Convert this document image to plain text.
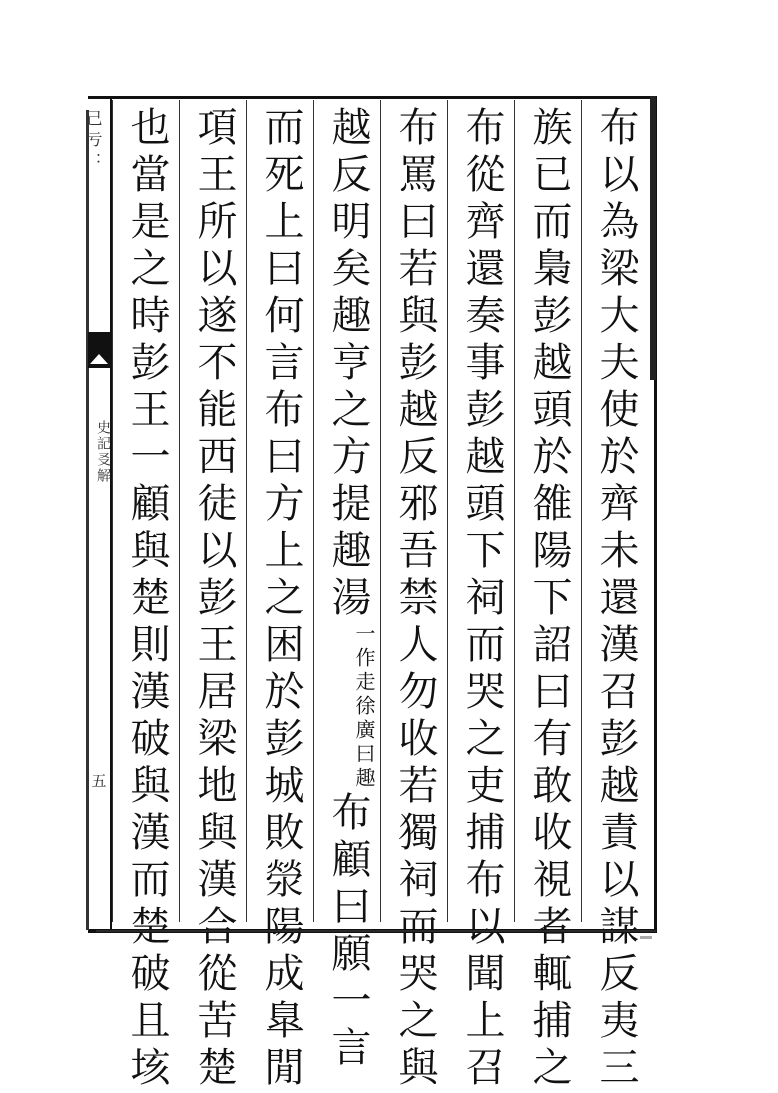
己 亏 ：
史記㕛解
五	布以為梁大夫使於齊未還漢召彭越責以謀反夷三
族已而梟彭越頭於雒陽下詔曰有敢收視者輒捕之
布從齊還奏事彭越頭下祠而哭之吏捕布以聞上召
布罵曰若與彭越反邪吾禁人勿收若獨祠而哭之與
越反明矣趣亨之方提趣湯
徐廣曰趣
一作走
布顧曰願一言
而死上曰何言布曰方上之困於彭城敗滎陽成臯閒
項王所以遂不能西徒以彭王居梁地與漢合從苦楚
也當是之時彭王一顧與楚則漢破與漢而楚破且垓
